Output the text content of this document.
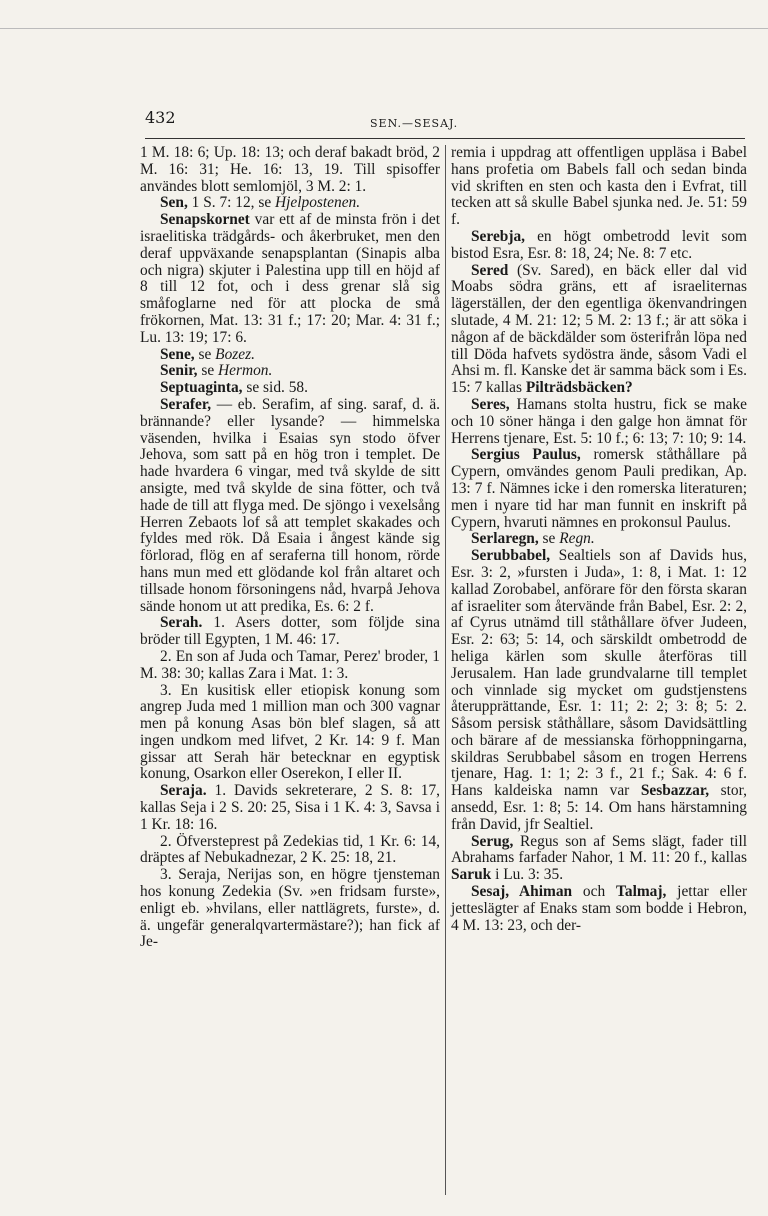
432	SEN.—SESAJ.

1 M. 18: 6; Up. 18: 13; och deraf bakadt bröd, 2 M. 16: 31; He. 16: 13, 19. Till spisoffer användes blott semlomjöl, 3 M. 2: 1.

Sen, 1 S. 7: 12, se Hjelpostenen.

Senapskornet var ett af de minsta frön i det israelitiska trädgårds- och åkerbruket, men den deraf uppväxande senapsplantan (Sinapis alba och nigra) skjuter i Palestina upp till en höjd af 8 till 12 fot, och i dess grenar slå sig småfoglarne ned för att plocka de små frökornen, Mat. 13: 31 f.; 17: 20; Mar. 4: 31 f.; Lu. 13: 19; 17: 6.

Sene, se Bozez.

Senir, se Hermon.

Septuaginta, se sid. 58.

Serafer, — eb. Serafim, af sing. saraf, d. ä. brännande? eller lysande? — himmelska väsenden, hvilka i Esaias syn stodo öfver Jehova, som satt på en hög tron i templet. De hade hvardera 6 vingar, med två skylde de sitt ansigte, med två skylde de sina fötter, och två hade de till att flyga med. De sjöngo i vexelsång Herren Zebaots lof så att templet skakades och fyldes med rök. Då Esaia i ångest kände sig förlorad, flög en af seraferna till honom, rörde hans mun med ett glödande kol från altaret och tillsade honom försoningens nåd, hvarpå Jehova sände honom ut att predika, Es. 6: 2 f.

Serah. 1. Asers dotter, som följde sina bröder till Egypten, 1 M. 46: 17.

2. En son af Juda och Tamar, Perez' broder, 1 M. 38: 30; kallas Zara i Mat. 1: 3.

3. En kusitisk eller etiopisk konung som angrep Juda med 1 million man och 300 vagnar men på konung Asas bön blef slagen, så att ingen undkom med lifvet, 2 Kr. 14: 9 f. Man gissar att Serah här betecknar en egyptisk konung, Osarkon eller Oserekon, I eller II.

Seraja. 1. Davids sekreterare, 2 S. 8: 17, kallas Seja i 2 S. 20: 25, Sisa i 1 K. 4: 3, Savsa i 1 Kr. 18: 16.

2. Öfversteprest på Zedekias tid, 1 Kr. 6: 14, dräptes af Nebukadnezar, 2 K. 25: 18, 21.

3. Seraja, Nerijas son, en högre tjensteman hos konung Zedekia (Sv. »en fridsam furste», enligt eb. »hvilans, eller nattlägrets, furste», d. ä. ungefär generalqvartermästare?); han fick af Je-

remia i uppdrag att offentligen uppläsa i Babel hans profetia om Babels fall och sedan binda vid skriften en sten och kasta den i Evfrat, till tecken att så skulle Babel sjunka ned. Je. 51: 59 f.

Serebja, en högt ombetrodd levit som bistod Esra, Esr. 8: 18, 24; Ne. 8: 7 etc.

Sered (Sv. Sared), en bäck eller dal vid Moabs södra gräns, ett af israeliternas lägerställen, der den egentliga ökenvandringen slutade, 4 M. 21: 12; 5 M. 2: 13 f.; är att söka i någon af de bäckdälder som österifrån löpa ned till Döda hafvets sydöstra ände, såsom Vadi el Ahsi m. fl. Kanske det är samma bäck som i Es. 15: 7 kallas Pilträdsbäcken?

Seres, Hamans stolta hustru, fick se make och 10 söner hänga i den galge hon ämnat för Herrens tjenare, Est. 5: 10 f.; 6: 13; 7: 10; 9: 14.

Sergius Paulus, romersk ståthållare på Cypern, omvändes genom Pauli predikan, Ap. 13: 7 f. Nämnes icke i den romerska literaturen; men i nyare tid har man funnit en inskrift på Cypern, hvaruti nämnes en prokonsul Paulus.

Serlaregn, se Regn.

Serubbabel, Sealtiels son af Davids hus, Esr. 3: 2, »fursten i Juda», 1: 8, i Mat. 1: 12 kallad Zorobabel, anförare för den första skaran af israeliter som återvände från Babel, Esr. 2: 2, af Cyrus utnämd till ståthållare öfver Judeen, Esr. 2: 63; 5: 14, och särskildt ombetrodd de heliga kärlen som skulle återföras till Jerusalem. Han lade grundvalarne till templet och vinnlade sig mycket om gudstjenstens återupprättande, Esr. 1: 11; 2: 2; 3: 8; 5: 2. Såsom persisk ståthållare, såsom Davidsättling och bärare af de messianska förhoppningarna, skildras Serubbabel såsom en trogen Herrens tjenare, Hag. 1: 1; 2: 3 f., 21 f.; Sak. 4: 6 f. Hans kaldeiska namn var Sesbazzar, stor, ansedd, Esr. 1: 8; 5: 14. Om hans härstamning från David, jfr Sealtiel.

Serug, Regus son af Sems slägt, fader till Abrahams farfader Nahor, 1 M. 11: 20 f., kallas Saruk i Lu. 3: 35.

Sesaj, Ahiman och Talmaj, jettar eller jetteslägter af Enaks stam som bodde i Hebron, 4 M. 13: 23, och der-
